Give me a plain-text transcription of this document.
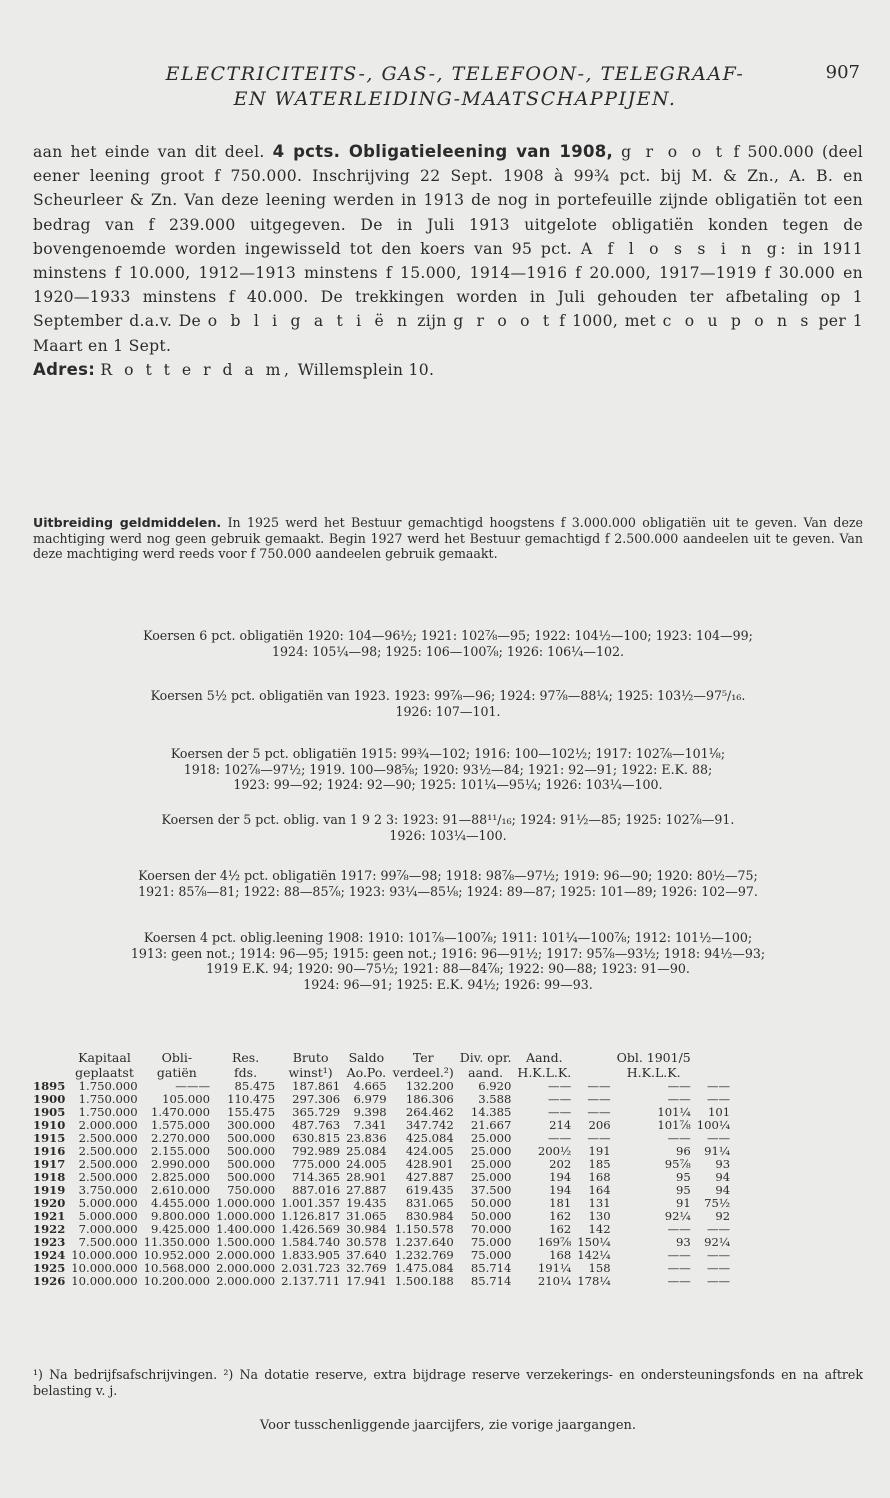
ELECTRICITEITS-, GAS-, TELEFOON-, TELEGRAAF-
EN WATERLEIDING-MAATSCHAPPIJEN.
907
aan het einde van dit deel. 4 pcts. Obligatieleening van 1908, g r o o t f 500.000 (deel eener leening groot f 750.000. Inschrijving 22 Sept. 1908 à 99¾ pct. bij M. & Zn., A. B. en Scheurleer & Zn. Van deze leening werden in 1913 de nog in portefeuille zijnde obligatiën tot een bedrag van f 239.000 uitgegeven. De in Juli 1913 uitgelote obligatiën konden tegen de bovengenoemde worden ingewisseld tot den koers van 95 pct. A f l o s s i n g: in 1911 minstens f 10.000, 1912—1913 minstens f 15.000, 1914—1916 f 20.000, 1917—1919 f 30.000 en 1920—1933 minstens f 40.000. De trekkingen worden in Juli gehouden ter afbetaling op 1 September d.a.v. De o b l i g a t i ë n zijn g r o o t f 1000, met c o u p o n s per 1 Maart en 1 Sept.
Adres: R o t t e r d a m, Willemsplein 10.
Uitbreiding geldmiddelen. In 1925 werd het Bestuur gemachtigd hoogstens f 3.000.000 obligatiën uit te geven. Van deze machtiging werd nog geen gebruik gemaakt. Begin 1927 werd het Bestuur gemachtigd f 2.500.000 aandeelen uit te geven. Van deze machtiging werd reeds voor f 750.000 aandeelen gebruik gemaakt.
Koersen 6 pct. obligatiën 1920: 104—96½; 1921: 102⅞—95; 1922: 104½—100; 1923: 104—99;
1924: 105¼—98; 1925: 106—100⅞; 1926: 106¼—102.
Koersen 5½ pct. obligatiën van 1923. 1923: 99⅞—96; 1924: 97⅞—88¼; 1925: 103½—97⁵/₁₆.
1926: 107—101.
Koersen der 5 pct. obligatiën 1915: 99¾—102; 1916: 100—102½; 1917: 102⅞—101⅛;
1918: 102⅞—97½; 1919. 100—98⅝; 1920: 93½—84; 1921: 92—91; 1922: E.K. 88;
1923: 99—92; 1924: 92—90; 1925: 101¼—95¼; 1926: 103¼—100.
Koersen der 5 pct. oblig. van 1 9 2 3: 1923: 91—88¹¹/₁₆; 1924: 91½—85; 1925: 102⅞—91.
1926: 103¼—100.
Koersen der 4½ pct. obligatiën 1917: 99⅞—98; 1918: 98⅞—97½; 1919: 96—90; 1920: 80½—75;
1921: 85⅞—81; 1922: 88—85⅞; 1923: 93¼—85⅛; 1924: 89—87; 1925: 101—89; 1926: 102—97.
Koersen 4 pct. oblig.leening 1908: 1910: 101⅞—100⅞; 1911: 101¼—100⅞; 1912: 101½—100;
1913: geen not.; 1914: 96—95; 1915: geen not.; 1916: 96—91½; 1917: 95⅞—93½; 1918: 94½—93;
1919 E.K. 94; 1920: 90—75½; 1921: 88—84⅞; 1922: 90—88; 1923: 91—90.
1924: 96—91; 1925: E.K. 94½; 1926: 99—93.
	Kapitaal	Obli-	Res.	Bruto	Saldo	Ter	Div. opr.	Aand.		Obl. 1901/5	
	geplaatst	gatiën	fds.	winst¹)	Ao.Po.	verdeel.²)	aand.	H.K.L.K.		H.K.L.K.	
1895	1.750.000	———	85.475	187.861	4.665	132.200	6.920	——	——	——	——
1900	1.750.000	105.000	110.475	297.306	6.979	186.306	3.588	——	——	——	——
1905	1.750.000	1.470.000	155.475	365.729	9.398	264.462	14.385	——	——	101¼	101
1910	2.000.000	1.575.000	300.000	487.763	7.341	347.742	21.667	214	206	101⅞	100¼
1915	2.500.000	2.270.000	500.000	630.815	23.836	425.084	25.000	——	——	——	——
1916	2.500.000	2.155.000	500.000	792.989	25.084	424.005	25.000	200½	191	96	91¼
1917	2.500.000	2.990.000	500.000	775.000	24.005	428.901	25.000	202	185	95⅞	93
1918	2.500.000	2.825.000	500.000	714.365	28.901	427.887	25.000	194	168	95	94
1919	3.750.000	2.610.000	750.000	887.016	27.887	619.435	37.500	194	164	95	94
1920	5.000.000	4.455.000	1.000.000	1.001.357	19.435	831.065	50.000	181	131	91	75½
1921	5.000.000	9.800.000	1.000.000	1.126.817	31.065	830.984	50.000	162	130	92¼	92
1922	7.000.000	9.425.000	1.400.000	1.426.569	30.984	1.150.578	70.000	162	142	——	——
1923	7.500.000	11.350.000	1.500.000	1.584.740	30.578	1.237.640	75.000	169⅞	150¼	93	92¼
1924	10.000.000	10.952.000	2.000.000	1.833.905	37.640	1.232.769	75.000	168	142¼	——	——
1925	10.000.000	10.568.000	2.000.000	2.031.723	32.769	1.475.084	85.714	191¼	158	——	——
1926	10.000.000	10.200.000	2.000.000	2.137.711	17.941	1.500.188	85.714	210¼	178¼	——	——
¹) Na bedrijfsafschrijvingen. ²) Na dotatie reserve, extra bijdrage reserve verzekerings- en ondersteuningsfonds en na aftrek belasting v. j.
Voor tusschenliggende jaarcijfers, zie vorige jaargangen.
